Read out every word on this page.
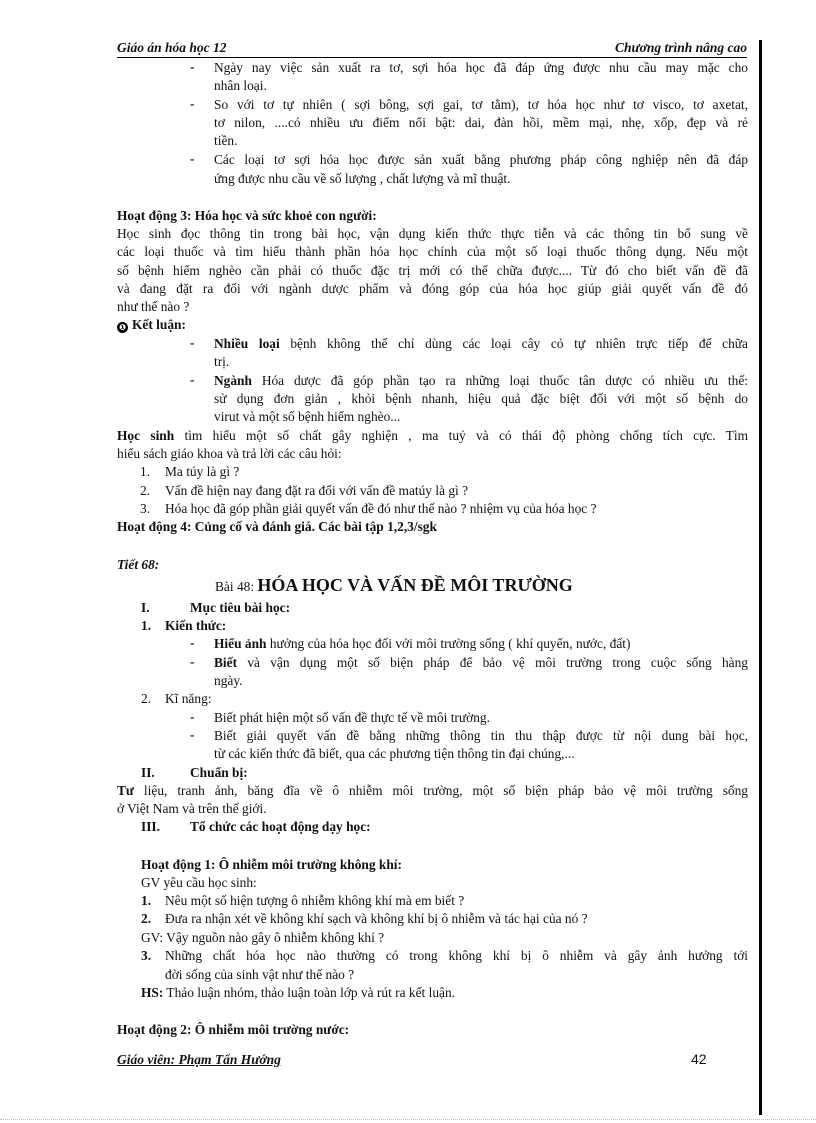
Giáo án hóa học 12	Chương trình nâng cao
- Ngày nay việc sản xuất ra tơ, sợi hóa học đã đáp ứng được nhu cầu may mặc cho
nhân loại.
- So với tơ tự nhiên ( sợi bông, sợi gai, tơ tằm), tơ hóa học như tơ visco, tơ axetat,
tơ nilon, ....có nhiều ưu điểm nổi bật: dai, đàn hồi, mềm mại, nhẹ, xốp, đẹp và rẻ
tiền.
- Các loại tơ sợi hóa học được sản xuất bằng phương pháp công nghiệp nên đã đáp
ứng được nhu cầu về số lượng , chất lượng và mĩ thuật.
Hoạt động 3: Hóa học và sức khoẻ con người:
Học sinh đọc thông tin trong bài học, vận dụng kiến thức thực tiễn và các thông tin bổ sung về
các loại thuốc và tìm hiểu thành phần hóa học chính của một số loại thuốc thông dụng. Nếu một
số bệnh hiểm nghèo cần phải có thuốc đặc trị mới có thể chữa được.... Từ đó cho biết vấn đề đã
và đang đặt ra đối với ngành dược phẩm và đóng góp của hóa học giúp giải quyết vấn đề đó
như thế nào ?
❶ Kết luận:
- Nhiều loại bệnh không thể chỉ dùng các loại cây cỏ tự nhiên trực tiếp để chữa
trị.
- Ngành Hóa dược đã góp phần tạo ra những loại thuốc tân dược có nhiều ưu thế:
sử dụng đơn giản , khỏi bệnh nhanh, hiệu quả đặc biệt đối với một số bệnh do
virut và một số bệnh hiểm nghèo...
Học sinh tìm hiểu một số chất gây nghiện , ma tuý và có thái độ phòng chống tích cực. Tìm
hiểu sách giáo khoa và trả lời các câu hỏi:
1. Ma túy là gì ?
2. Vấn đề hiện nay đang đặt ra đối với vấn đề matúy là gì ?
3. Hóa học đã góp phần giải quyết vấn đề đó như thế nào ? nhiệm vụ của hóa học ?
Hoạt động 4: Củng cố và đánh giá. Các bài tập 1,2,3/sgk
Tiết 68:
Bài 48: HÓA HỌC VÀ VẤN ĐỀ MÔI TRƯỜNG
I.	Mục tiêu bài học:
1. Kiến thức:
- Hiểu ảnh hưởng của hóa học đối với môi trường sống ( khí quyển, nước, đất)
- Biết và vận dụng một số biện pháp để bảo vệ môi trường trong cuộc sống hàng
ngày.
2. Kĩ năng:
- Biết phát hiện một số vấn đề thực tế về môi trường.
- Biết giải quyết vấn đề bằng những thông tin thu thập được từ nội dung bài học,
từ các kiến thức đã biết, qua các phương tiện thông tin đại chúng,...
II.	Chuẩn bị:
Tư liệu, tranh ảnh, băng đĩa về ô nhiễm môi trường, một số biện pháp bảo vệ môi trường sống
ở Việt Nam và trên thế giới.
III. Tổ chức các hoạt động dạy học:
Hoạt động 1: Ô nhiễm môi trường không khí:
GV yêu cầu học sinh:
1. Nêu một số hiện tượng ô nhiễm không khí mà em biết ?
2. Đưa ra nhận xét về không khí sạch và không khí bị ô nhiễm và tác hại của nó ?
GV: Vậy nguồn nào gây ô nhiễm không khí ?
3. Những chất hóa học nào thường có trong không khí bị ô nhiễm và gây ảnh hưởng tới
đời sống của sinh vật như thế nào ?
HS: Thảo luận nhóm, thảo luận toàn lớp và rút ra kết luận.
Hoạt động 2: Ô nhiễm môi trường nước:
Giáo viên: Phạm Tấn Hướng	42
